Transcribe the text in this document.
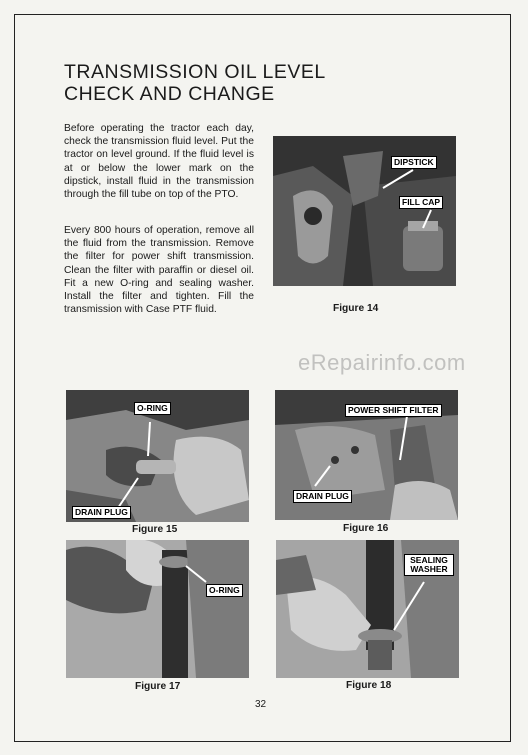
TRANSMISSION OIL LEVEL
CHECK AND CHANGE

Before operating the tractor each day, check the transmission fluid level. Put the tractor on level ground. If the fluid level is at or below the lower mark on the dipstick, install fluid in the transmission through the fill tube on top of the PTO.

Every 800 hours of operation, remove all the fluid from the transmission. Remove the filter for power shift transmission. Clean the filter with paraffin or diesel oil. Fit a new O-ring and sealing washer. Install the filter and tighten. Fill the transmission with Case PTF fluid.

DIPSTICK
FILL CAP

Figure 14

eRepairinfo.com
O-RING
DRAIN PLUG

Figure 15

POWER SHIFT FILTER
DRAIN PLUG

Figure 16

O-RING

Figure 17

SEALING WASHER

Figure 18

32
